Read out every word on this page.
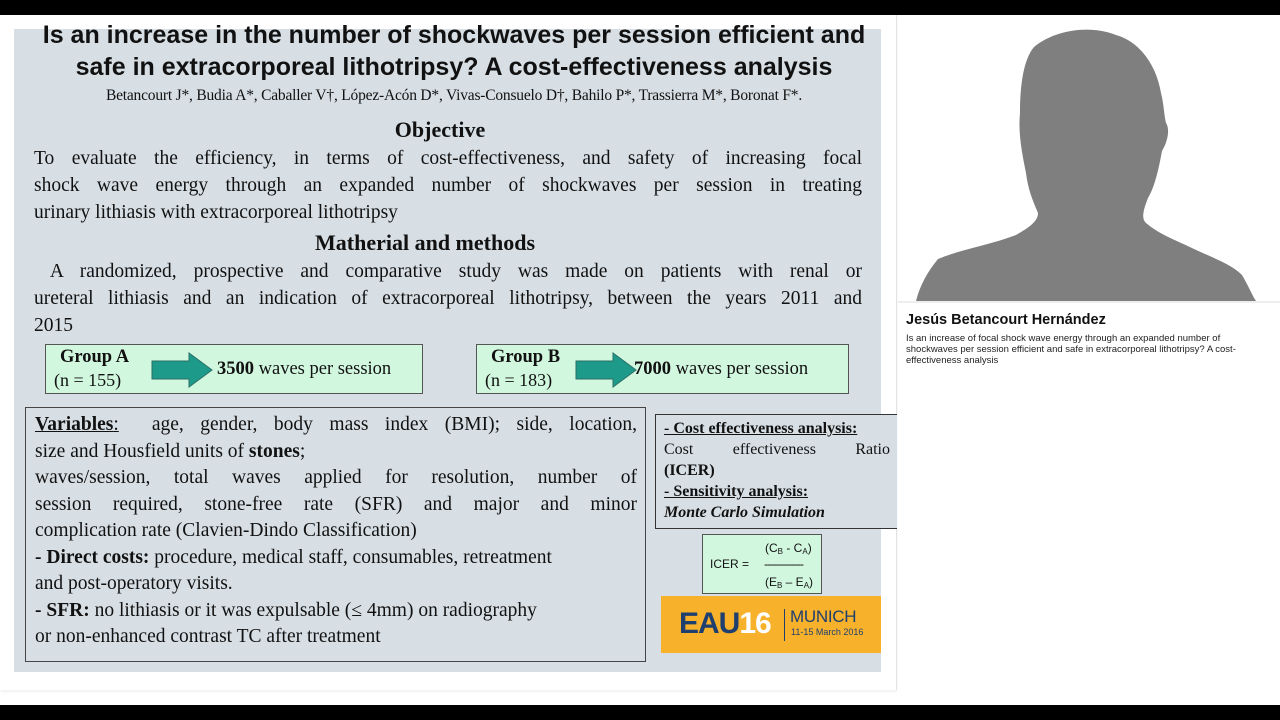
Is an increase in the number of shockwaves per session efficient and
safe in extracorporeal lithotripsy? A cost-effectiveness analysis
Betancourt J*, Budia A*, Caballer V†, López-Acón D*, Vivas-Consuelo D†, Bahilo P*, Trassierra M*, Boronat F*.
Objective
To evaluate the efficiency, in terms of cost-effectiveness, and safety of increasing focal
shock wave energy through an expanded number of shockwaves per session in treating
urinary lithiasis with extracorporeal lithotripsy
Matherial and methods
A randomized, prospective and comparative study was made on patients with renal or
ureteral lithiasis and an indication of extracorporeal lithotripsy, between the years 2011 and
2015
Group A
(n = 155)
3500 waves per session
Group B
(n = 183)
7000 waves per session
Variables:  age, gender, body mass index (BMI); side, location,
size and Housfield units of stones;
waves/session, total waves applied for resolution, number of
session required, stone-free rate (SFR) and major and minor
complication rate (Clavien-Dindo Classification)
- Direct costs: procedure, medical staff, consumables, retreatment
and post-operatory visits.
- SFR: no lithiasis or it was expulsable (≤ 4mm) on radiography
or non-enhanced contrast TC after treatment
- Cost effectiveness analysis:
Cost effectiveness Ratio
(ICER)
- Sensitivity analysis:
Monte Carlo Simulation
ICER =
$(C_B - C_A)$
-------------
$(E_B - E_A)$
EAU16 MUNICH
11-15 March 2016
Jesús Betancourt Hernández
Is an increase of focal shock wave energy through an expanded number of shockwaves per session efficient and safe in extracorporeal lithotripsy? A cost-effectiveness analysis
